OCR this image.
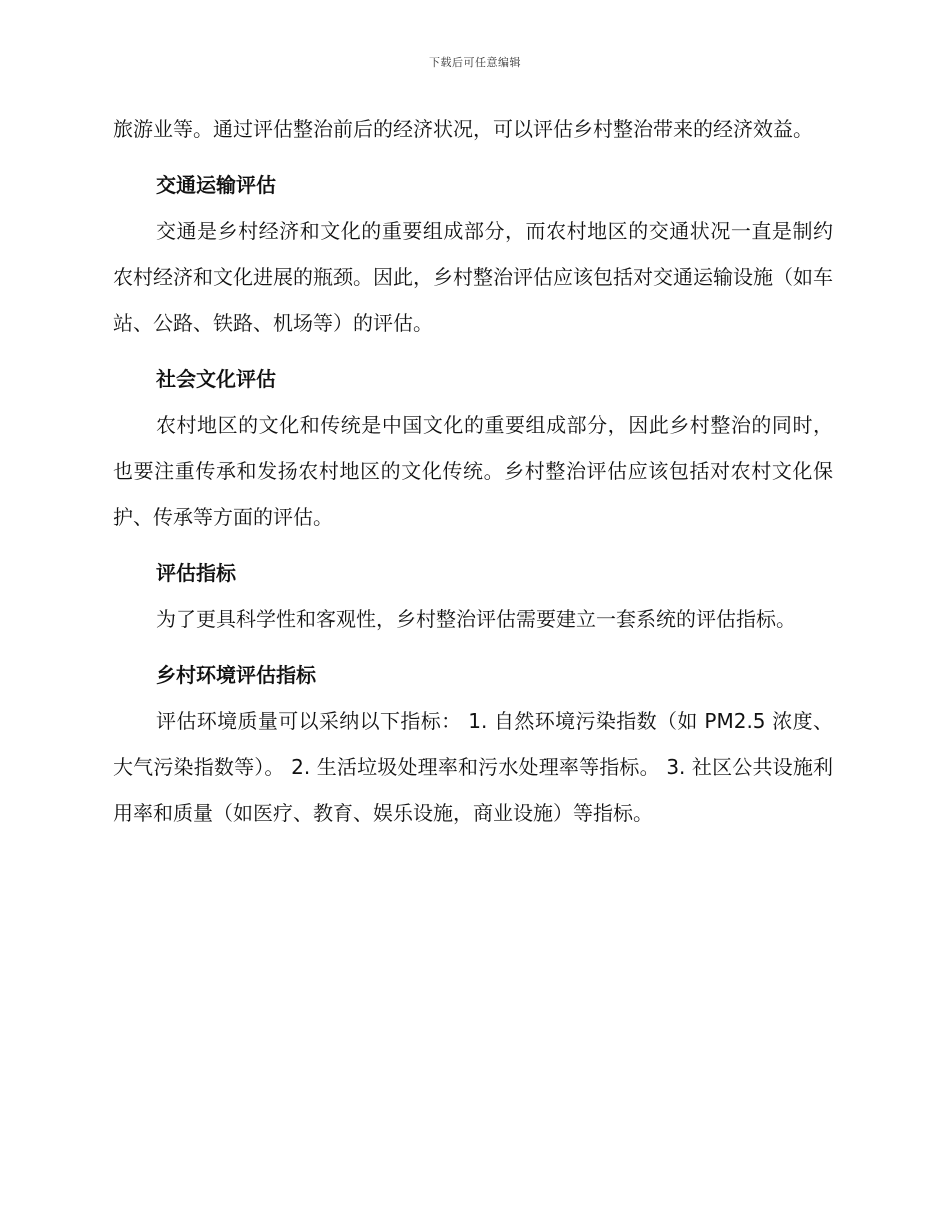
下载后可任意编辑

旅游业等。通过评估整治前后的经济状况，可以评估乡村整治带来的经济效益。

交通运输评估

交通是乡村经济和文化的重要组成部分，而农村地区的交通状况一直是制约农村经济和文化进展的瓶颈。因此，乡村整治评估应该包括对交通运输设施（如车站、公路、铁路、机场等）的评估。

社会文化评估

农村地区的文化和传统是中国文化的重要组成部分，因此乡村整治的同时，也要注重传承和发扬农村地区的文化传统。乡村整治评估应该包括对农村文化保护、传承等方面的评估。

评估指标

为了更具科学性和客观性，乡村整治评估需要建立一套系统的评估指标。

乡村环境评估指标

评估环境质量可以采纳以下指标： 1. 自然环境污染指数（如 PM2.5 浓度、大气污染指数等）。 2. 生活垃圾处理率和污水处理率等指标。 3. 社区公共设施利用率和质量（如医疗、教育、娱乐设施，商业设施）等指标。
